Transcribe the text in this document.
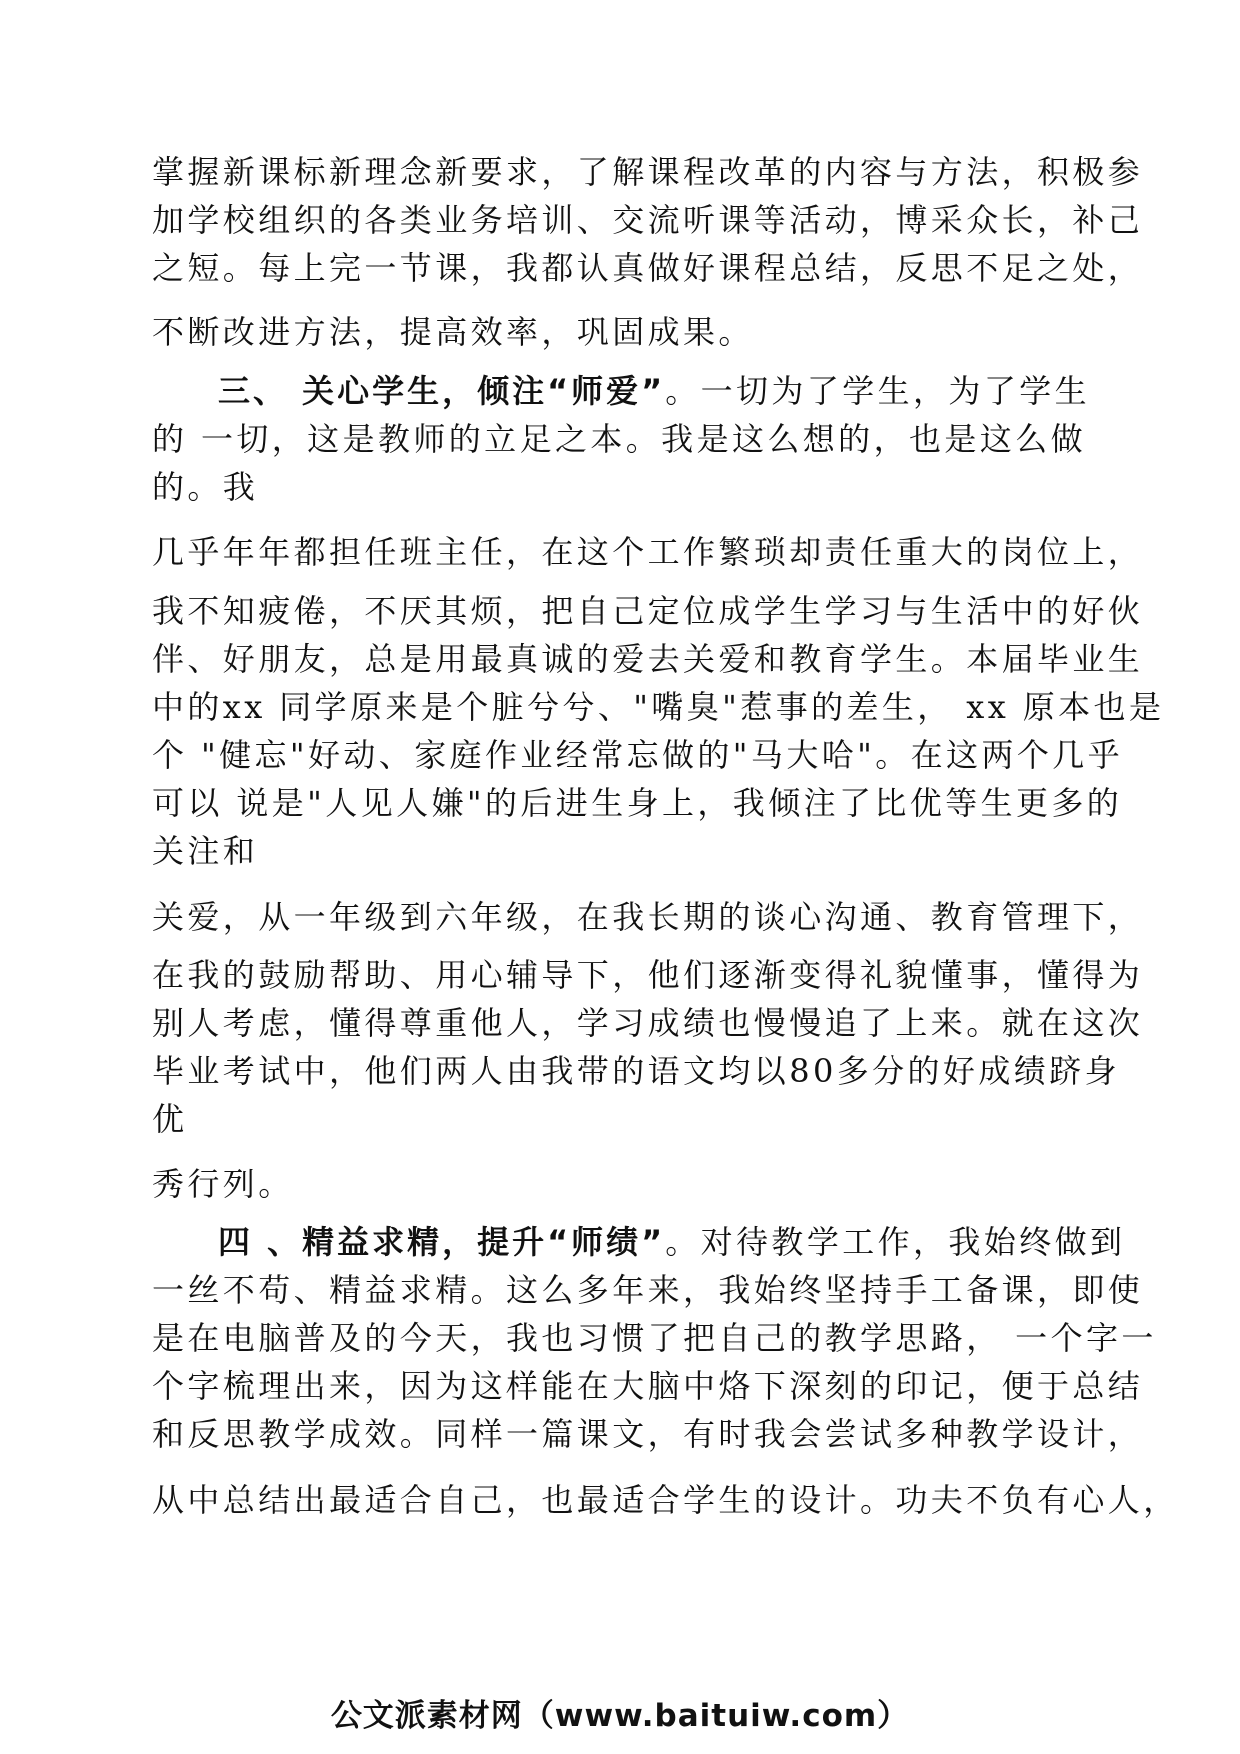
掌握新课标新理念新要求，了解课程改革的内容与方法，积极参
加学校组织的各类业务培训、交流听课等活动，博采众长，补己
之短。每上完一节课，我都认真做好课程总结，反思不足之处，
不断改进方法，提高效率，巩固成果。
三、 关心学生，倾注“师爱”。一切为了学生，为了学生
的 一切，这是教师的立足之本。我是这么想的，也是这么做
的。我
几乎年年都担任班主任，在这个工作繁琐却责任重大的岗位上，
我不知疲倦，不厌其烦，把自己定位成学生学习与生活中的好伙
伴、好朋友，总是用最真诚的爱去关爱和教育学生。本届毕业生
中的xx 同学原来是个脏兮兮、"嘴臭"惹事的差生， xx 原本也是
个 "健忘"好动、家庭作业经常忘做的"马大哈"。在这两个几乎
可以 说是"人见人嫌"的后进生身上，我倾注了比优等生更多的
关注和
关爱，从一年级到六年级，在我长期的谈心沟通、教育管理下，
在我的鼓励帮助、用心辅导下，他们逐渐变得礼貌懂事，懂得为
别人考虑，懂得尊重他人，学习成绩也慢慢追了上来。就在这次
毕业考试中，他们两人由我带的语文均以80多分的好成绩跻身
优
秀行列。
四 、精益求精，提升“师绩”。对待教学工作，我始终做到
一丝不苟、精益求精。这么多年来，我始终坚持手工备课，即使
是在电脑普及的今天，我也习惯了把自己的教学思路， 一个字一
个字梳理出来，因为这样能在大脑中烙下深刻的印记，便于总结
和反思教学成效。同样一篇课文，有时我会尝试多种教学设计，
从中总结出最适合自己，也最适合学生的设计。功夫不负有心人，
公文派素材网（www.baituiw.com）
